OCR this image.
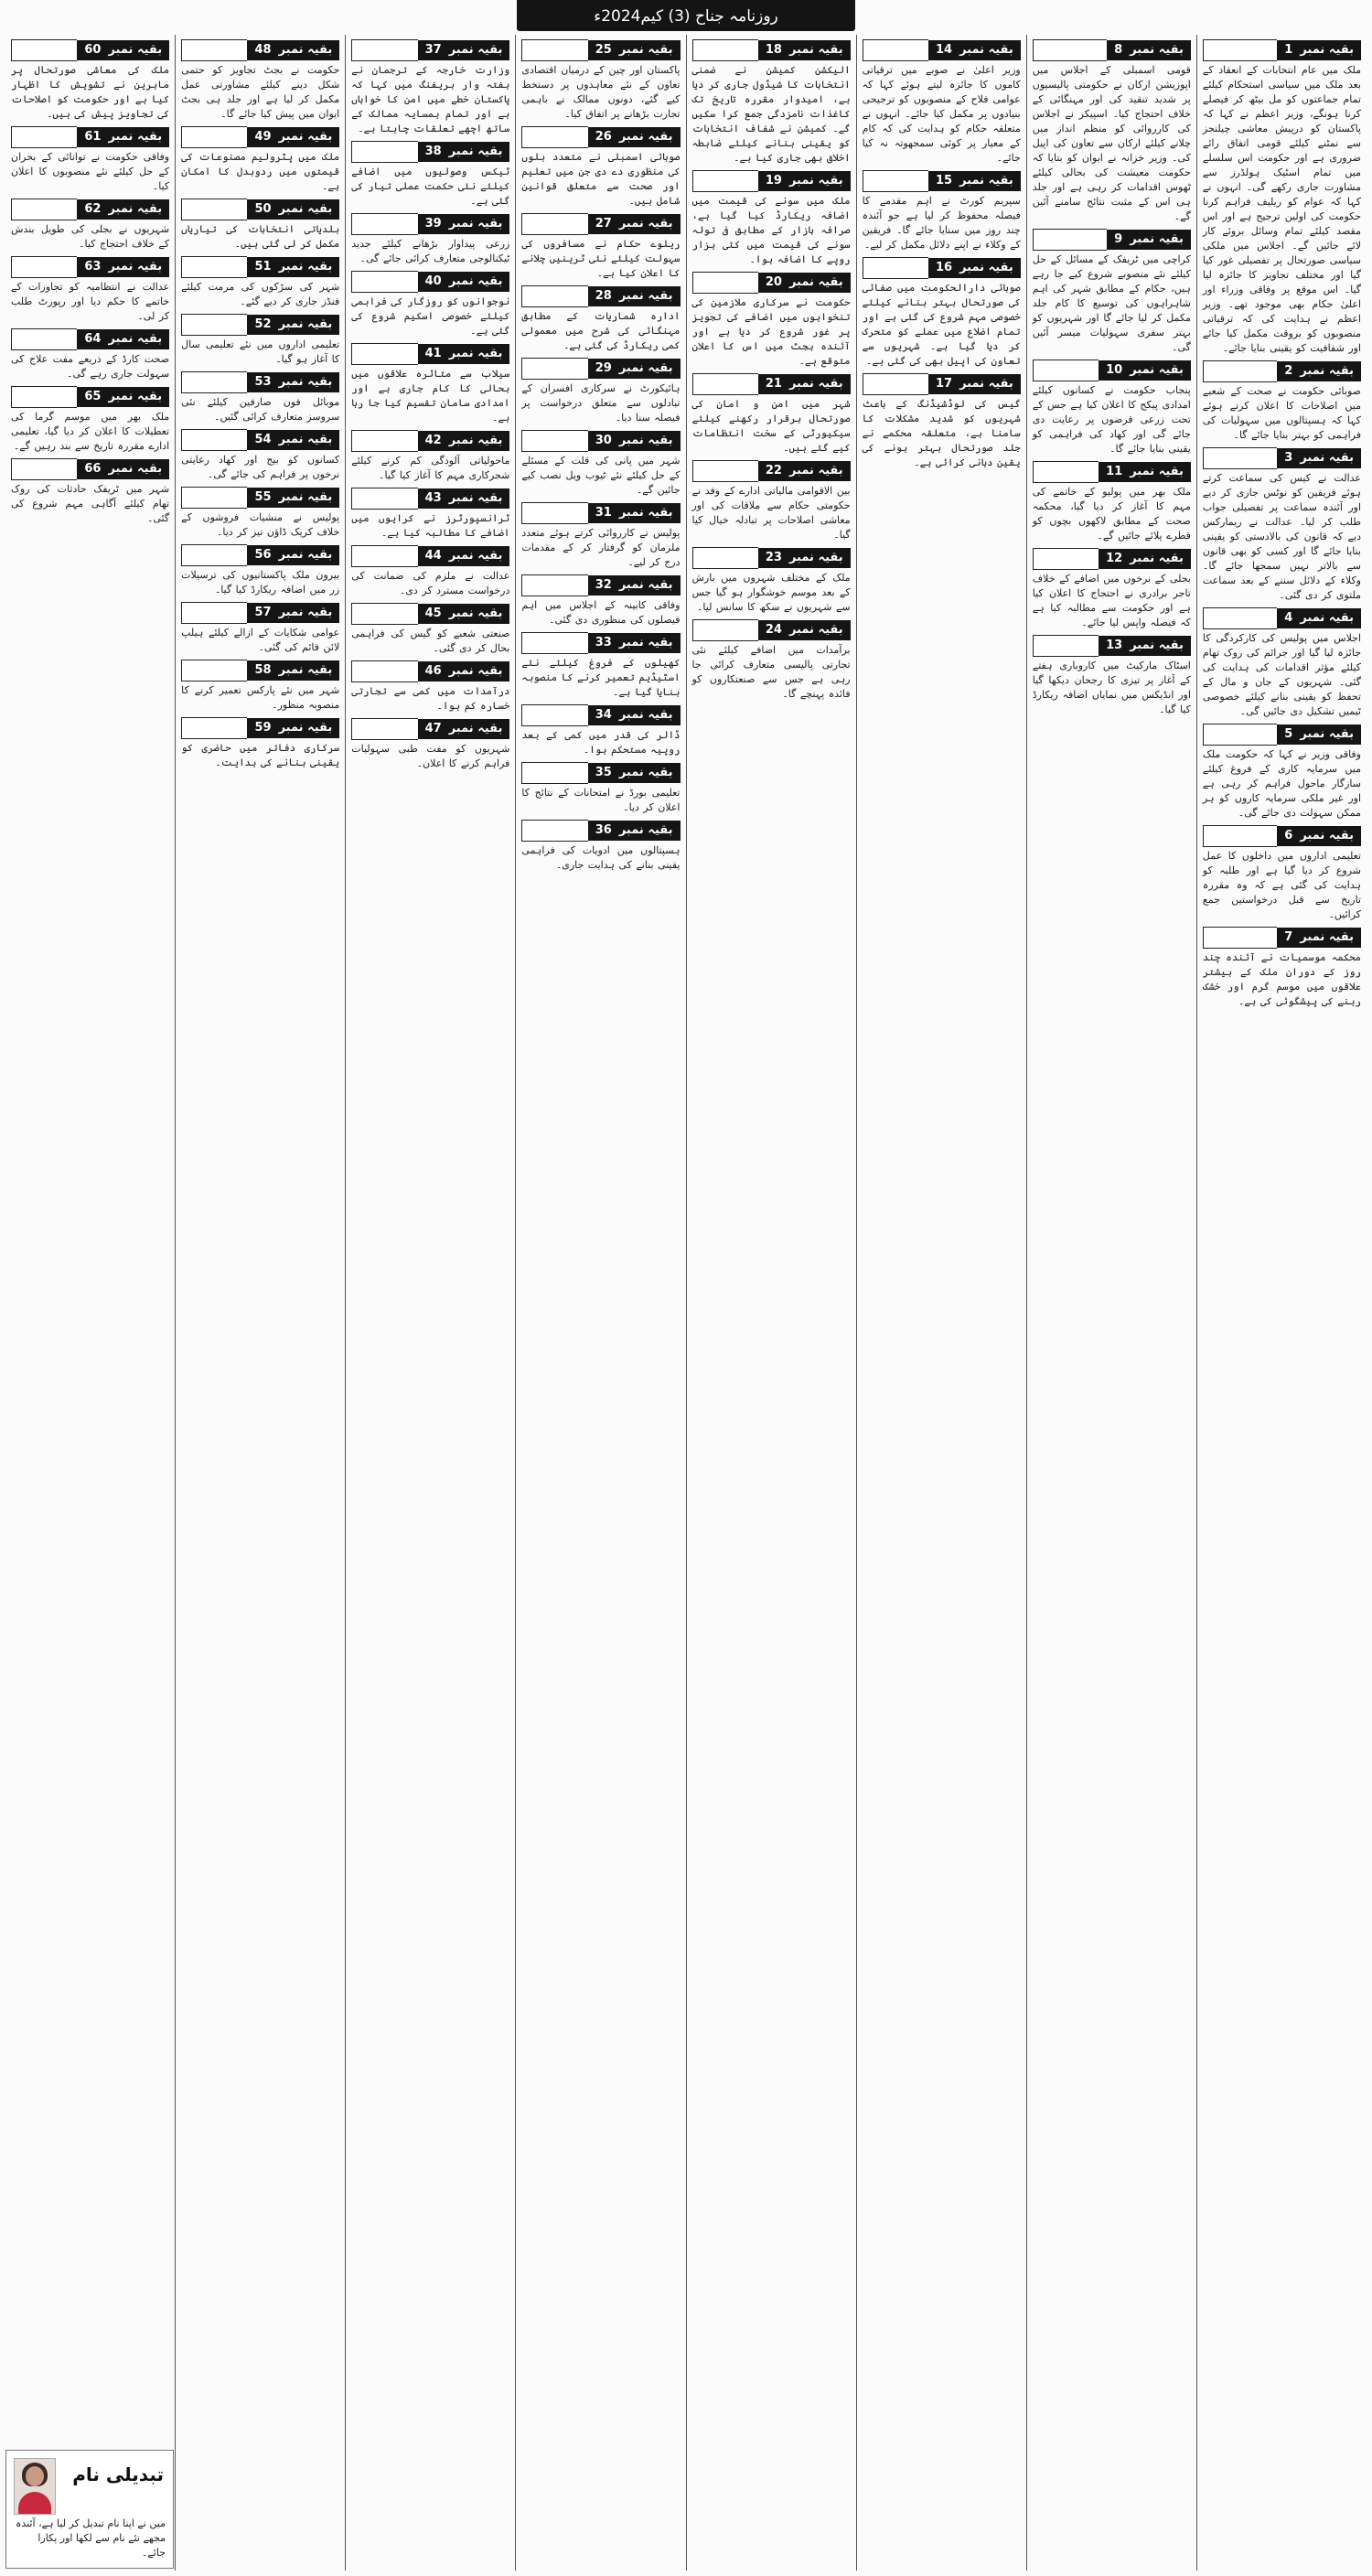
روزنامہ جناح (3) کیم2024ء
بقیہ نمبر
1
ملک میں عام انتخابات کے انعقاد کے بعد ملک میں سیاسی استحکام کیلئے تمام جماعتوں کو مل بیٹھ کر فیصلے کرنا ہونگے، وزیر اعظم نے کہا کہ پاکستان کو درپیش معاشی چیلنجز سے نمٹنے کیلئے قومی اتفاق رائے ضروری ہے اور حکومت اس سلسلے میں تمام اسٹیک ہولڈرز سے مشاورت جاری رکھے گی۔ انہوں نے کہا کہ عوام کو ریلیف فراہم کرنا حکومت کی اولین ترجیح ہے اور اس مقصد کیلئے تمام وسائل بروئے کار لائے جائیں گے۔ اجلاس میں ملکی سیاسی صورتحال پر تفصیلی غور کیا گیا اور مختلف تجاویز کا جائزہ لیا گیا۔ اس موقع پر وفاقی وزراء اور اعلیٰ حکام بھی موجود تھے۔ وزیر اعظم نے ہدایت کی کہ ترقیاتی منصوبوں کو بروقت مکمل کیا جائے اور شفافیت کو یقینی بنایا جائے۔
بقیہ نمبر
2
صوبائی حکومت نے صحت کے شعبے میں اصلاحات کا اعلان کرتے ہوئے کہا کہ ہسپتالوں میں سہولیات کی فراہمی کو بہتر بنایا جائے گا۔
بقیہ نمبر
3
عدالت نے کیس کی سماعت کرتے ہوئے فریقین کو نوٹس جاری کر دیے اور آئندہ سماعت پر تفصیلی جواب طلب کر لیا۔ عدالت نے ریمارکس دیے کہ قانون کی بالادستی کو یقینی بنایا جائے گا اور کسی کو بھی قانون سے بالاتر نہیں سمجھا جائے گا۔ وکلاء کے دلائل سننے کے بعد سماعت ملتوی کر دی گئی۔
بقیہ نمبر
4
اجلاس میں پولیس کی کارکردگی کا جائزہ لیا گیا اور جرائم کی روک تھام کیلئے مؤثر اقدامات کی ہدایت کی گئی۔ شہریوں کے جان و مال کے تحفظ کو یقینی بنانے کیلئے خصوصی ٹیمیں تشکیل دی جائیں گی۔
بقیہ نمبر
5
وفاقی وزیر نے کہا کہ حکومت ملک میں سرمایہ کاری کے فروغ کیلئے سازگار ماحول فراہم کر رہی ہے اور غیر ملکی سرمایہ کاروں کو ہر ممکن سہولت دی جائے گی۔
بقیہ نمبر
6
تعلیمی اداروں میں داخلوں کا عمل شروع کر دیا گیا ہے اور طلبہ کو ہدایت کی گئی ہے کہ وہ مقررہ تاریخ سے قبل درخواستیں جمع کرائیں۔
بقیہ نمبر
7
محکمہ موسمیات نے آئندہ چند روز کے دوران ملک کے بیشتر علاقوں میں موسم گرم اور خشک رہنے کی پیشگوئی کی ہے۔
بقیہ نمبر
8
قومی اسمبلی کے اجلاس میں اپوزیشن ارکان نے حکومتی پالیسیوں پر شدید تنقید کی اور مہنگائی کے خلاف احتجاج کیا۔ اسپیکر نے اجلاس کی کارروائی کو منظم انداز میں چلانے کیلئے ارکان سے تعاون کی اپیل کی۔ وزیر خزانہ نے ایوان کو بتایا کہ حکومت معیشت کی بحالی کیلئے ٹھوس اقدامات کر رہی ہے اور جلد ہی اس کے مثبت نتائج سامنے آئیں گے۔
بقیہ نمبر
9
کراچی میں ٹریفک کے مسائل کے حل کیلئے نئے منصوبے شروع کیے جا رہے ہیں، حکام کے مطابق شہر کی اہم شاہراہوں کی توسیع کا کام جلد مکمل کر لیا جائے گا اور شہریوں کو بہتر سفری سہولیات میسر آئیں گی۔
بقیہ نمبر
10
پنجاب حکومت نے کسانوں کیلئے امدادی پیکج کا اعلان کیا ہے جس کے تحت زرعی قرضوں پر رعایت دی جائے گی اور کھاد کی فراہمی کو یقینی بنایا جائے گا۔
بقیہ نمبر
11
ملک بھر میں پولیو کے خاتمے کی مہم کا آغاز کر دیا گیا، محکمہ صحت کے مطابق لاکھوں بچوں کو قطرے پلائے جائیں گے۔
بقیہ نمبر
12
بجلی کے نرخوں میں اضافے کے خلاف تاجر برادری نے احتجاج کا اعلان کیا ہے اور حکومت سے مطالبہ کیا ہے کہ فیصلہ واپس لیا جائے۔
بقیہ نمبر
13
اسٹاک مارکیٹ میں کاروباری ہفتے کے آغاز پر تیزی کا رجحان دیکھا گیا اور انڈیکس میں نمایاں اضافہ ریکارڈ کیا گیا۔
بقیہ نمبر
14
وزیر اعلیٰ نے صوبے میں ترقیاتی کاموں کا جائزہ لیتے ہوئے کہا کہ عوامی فلاح کے منصوبوں کو ترجیحی بنیادوں پر مکمل کیا جائے۔ انہوں نے متعلقہ حکام کو ہدایت کی کہ کام کے معیار پر کوئی سمجھوتہ نہ کیا جائے۔
بقیہ نمبر
15
سپریم کورٹ نے اہم مقدمے کا فیصلہ محفوظ کر لیا ہے جو آئندہ چند روز میں سنایا جائے گا۔ فریقین کے وکلاء نے اپنے دلائل مکمل کر لیے۔
بقیہ نمبر
16
صوبائی دارالحکومت میں صفائی کی صورتحال بہتر بنانے کیلئے خصوصی مہم شروع کی گئی ہے اور تمام اضلاع میں عملے کو متحرک کر دیا گیا ہے۔ شہریوں سے تعاون کی اپیل بھی کی گئی ہے۔
بقیہ نمبر
17
گیس کی لوڈشیڈنگ کے باعث شہریوں کو شدید مشکلات کا سامنا ہے، متعلقہ محکمے نے جلد صورتحال بہتر ہونے کی یقین دہانی کرائی ہے۔
بقیہ نمبر
18
الیکشن کمیشن نے ضمنی انتخابات کا شیڈول جاری کر دیا ہے، امیدوار مقررہ تاریخ تک کاغذات نامزدگی جمع کرا سکیں گے۔ کمیشن نے شفاف انتخابات کو یقینی بنانے کیلئے ضابطہ اخلاق بھی جاری کیا ہے۔
بقیہ نمبر
19
ملک میں سونے کی قیمت میں اضافہ ریکارڈ کیا گیا ہے، صرافہ بازار کے مطابق فی تولہ سونے کی قیمت میں کئی ہزار روپے کا اضافہ ہوا۔
بقیہ نمبر
20
حکومت نے سرکاری ملازمین کی تنخواہوں میں اضافے کی تجویز پر غور شروع کر دیا ہے اور آئندہ بجٹ میں اس کا اعلان متوقع ہے۔
بقیہ نمبر
21
شہر میں امن و امان کی صورتحال برقرار رکھنے کیلئے سیکیورٹی کے سخت انتظامات کیے گئے ہیں۔
بقیہ نمبر
22
بین الاقوامی مالیاتی ادارے کے وفد نے حکومتی حکام سے ملاقات کی اور معاشی اصلاحات پر تبادلہ خیال کیا گیا۔
بقیہ نمبر
23
ملک کے مختلف شہروں میں بارش کے بعد موسم خوشگوار ہو گیا جس سے شہریوں نے سکھ کا سانس لیا۔
بقیہ نمبر
24
برآمدات میں اضافے کیلئے نئی تجارتی پالیسی متعارف کرائی جا رہی ہے جس سے صنعتکاروں کو فائدہ پہنچے گا۔
بقیہ نمبر
25
پاکستان اور چین کے درمیان اقتصادی تعاون کے نئے معاہدوں پر دستخط کیے گئے، دونوں ممالک نے باہمی تجارت بڑھانے پر اتفاق کیا۔
بقیہ نمبر
26
صوبائی اسمبلی نے متعدد بلوں کی منظوری دے دی جن میں تعلیم اور صحت سے متعلق قوانین شامل ہیں۔
بقیہ نمبر
27
ریلوے حکام نے مسافروں کی سہولت کیلئے نئی ٹرینیں چلانے کا اعلان کیا ہے۔
بقیہ نمبر
28
ادارہ شماریات کے مطابق مہنگائی کی شرح میں معمولی کمی ریکارڈ کی گئی ہے۔
بقیہ نمبر
29
ہائیکورٹ نے سرکاری افسران کے تبادلوں سے متعلق درخواست پر فیصلہ سنا دیا۔
بقیہ نمبر
30
شہر میں پانی کی قلت کے مسئلے کے حل کیلئے نئے ٹیوب ویل نصب کیے جائیں گے۔
بقیہ نمبر
31
پولیس نے کارروائی کرتے ہوئے متعدد ملزمان کو گرفتار کر کے مقدمات درج کر لیے۔
بقیہ نمبر
32
وفاقی کابینہ کے اجلاس میں اہم فیصلوں کی منظوری دی گئی۔
بقیہ نمبر
33
کھیلوں کے فروغ کیلئے نئے اسٹیڈیم تعمیر کرنے کا منصوبہ بنایا گیا ہے۔
بقیہ نمبر
34
ڈالر کی قدر میں کمی کے بعد روپیہ مستحکم ہوا۔
بقیہ نمبر
35
تعلیمی بورڈ نے امتحانات کے نتائج کا اعلان کر دیا۔
بقیہ نمبر
36
ہسپتالوں میں ادویات کی فراہمی یقینی بنانے کی ہدایت جاری۔
بقیہ نمبر
37
وزارت خارجہ کے ترجمان نے ہفتہ وار بریفنگ میں کہا کہ پاکستان خطے میں امن کا خواہاں ہے اور تمام ہمسایہ ممالک کے ساتھ اچھے تعلقات چاہتا ہے۔
بقیہ نمبر
38
ٹیکس وصولیوں میں اضافے کیلئے نئی حکمت عملی تیار کی گئی ہے۔
بقیہ نمبر
39
زرعی پیداوار بڑھانے کیلئے جدید ٹیکنالوجی متعارف کرائی جائے گی۔
بقیہ نمبر
40
نوجوانوں کو روزگار کی فراہمی کیلئے خصوصی اسکیم شروع کی گئی ہے۔
بقیہ نمبر
41
سیلاب سے متاثرہ علاقوں میں بحالی کا کام جاری ہے اور امدادی سامان تقسیم کیا جا رہا ہے۔
بقیہ نمبر
42
ماحولیاتی آلودگی کم کرنے کیلئے شجرکاری مہم کا آغاز کیا گیا۔
بقیہ نمبر
43
ٹرانسپورٹرز نے کرایوں میں اضافے کا مطالبہ کیا ہے۔
بقیہ نمبر
44
عدالت نے ملزم کی ضمانت کی درخواست مسترد کر دی۔
بقیہ نمبر
45
صنعتی شعبے کو گیس کی فراہمی بحال کر دی گئی۔
بقیہ نمبر
46
درآمدات میں کمی سے تجارتی خسارہ کم ہوا۔
بقیہ نمبر
47
شہریوں کو مفت طبی سہولیات فراہم کرنے کا اعلان۔
بقیہ نمبر
48
حکومت نے بجٹ تجاویز کو حتمی شکل دینے کیلئے مشاورتی عمل مکمل کر لیا ہے اور جلد ہی بجٹ ایوان میں پیش کیا جائے گا۔
بقیہ نمبر
49
ملک میں پٹرولیم مصنوعات کی قیمتوں میں ردوبدل کا امکان ہے۔
بقیہ نمبر
50
بلدیاتی انتخابات کی تیاریاں مکمل کر لی گئی ہیں۔
بقیہ نمبر
51
شہر کی سڑکوں کی مرمت کیلئے فنڈز جاری کر دیے گئے۔
بقیہ نمبر
52
تعلیمی اداروں میں نئے تعلیمی سال کا آغاز ہو گیا۔
بقیہ نمبر
53
موبائل فون صارفین کیلئے نئی سروسز متعارف کرائی گئیں۔
بقیہ نمبر
54
کسانوں کو بیج اور کھاد رعایتی نرخوں پر فراہم کی جائے گی۔
بقیہ نمبر
55
پولیس نے منشیات فروشوں کے خلاف کریک ڈاؤن تیز کر دیا۔
بقیہ نمبر
56
بیرون ملک پاکستانیوں کی ترسیلات زر میں اضافہ ریکارڈ کیا گیا۔
بقیہ نمبر
57
عوامی شکایات کے ازالے کیلئے ہیلپ لائن قائم کی گئی۔
بقیہ نمبر
58
شہر میں نئے پارکس تعمیر کرنے کا منصوبہ منظور۔
بقیہ نمبر
59
سرکاری دفاتر میں حاضری کو یقینی بنانے کی ہدایت۔
بقیہ نمبر
60
ملک کی معاشی صورتحال پر ماہرین نے تشویش کا اظہار کیا ہے اور حکومت کو اصلاحات کی تجاویز پیش کی ہیں۔
بقیہ نمبر
61
وفاقی حکومت نے توانائی کے بحران کے حل کیلئے نئے منصوبوں کا اعلان کیا۔
بقیہ نمبر
62
شہریوں نے بجلی کی طویل بندش کے خلاف احتجاج کیا۔
بقیہ نمبر
63
عدالت نے انتظامیہ کو تجاوزات کے خاتمے کا حکم دیا اور رپورٹ طلب کر لی۔
بقیہ نمبر
64
صحت کارڈ کے ذریعے مفت علاج کی سہولت جاری رہے گی۔
بقیہ نمبر
65
ملک بھر میں موسم گرما کی تعطیلات کا اعلان کر دیا گیا، تعلیمی ادارے مقررہ تاریخ سے بند رہیں گے۔
بقیہ نمبر
66
شہر میں ٹریفک حادثات کی روک تھام کیلئے آگاہی مہم شروع کی گئی۔
تبدیلی نام
میں نے اپنا نام تبدیل کر لیا ہے، آئندہ مجھے نئے نام سے لکھا اور پکارا جائے۔
